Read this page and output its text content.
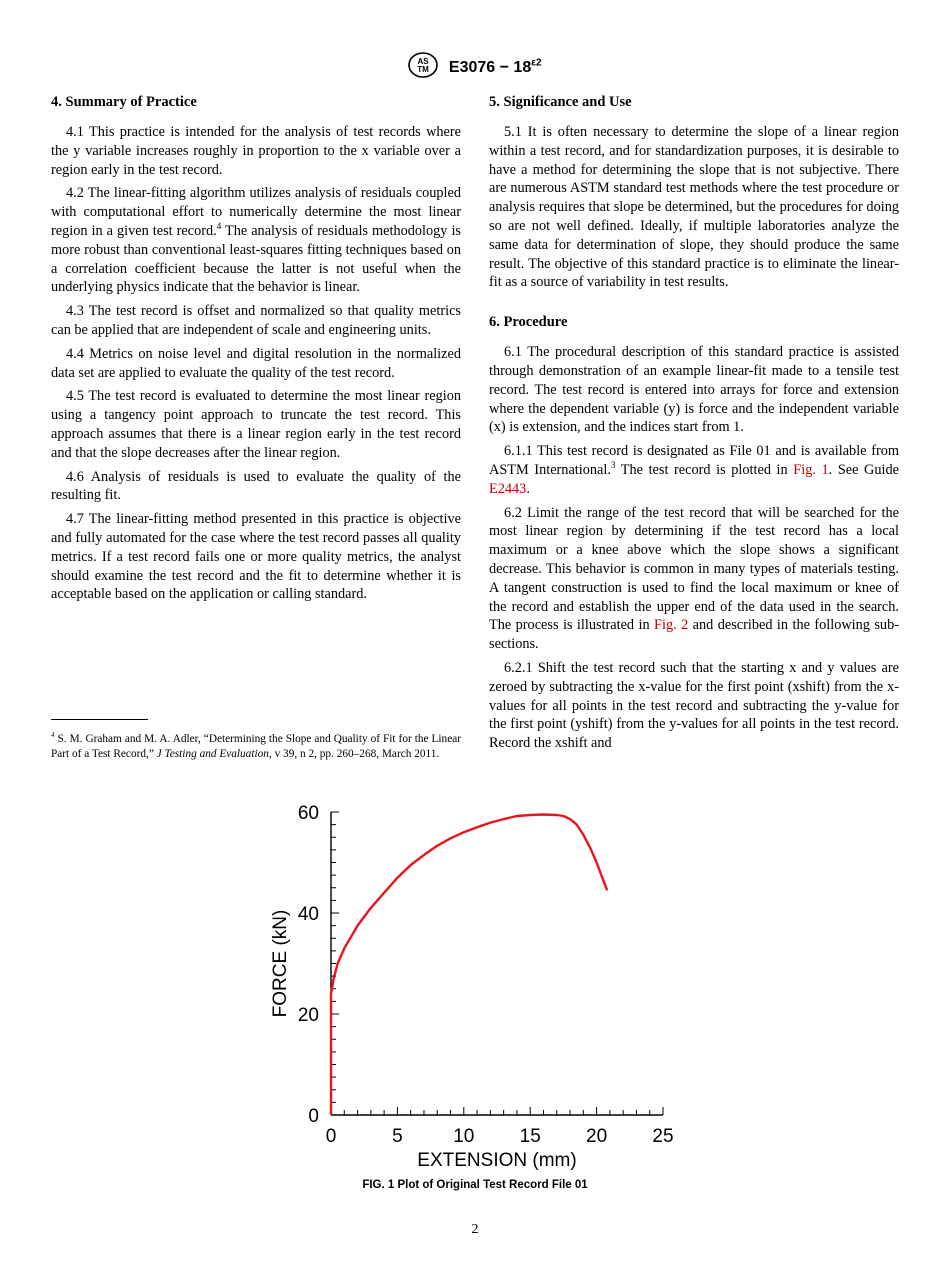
AS
TM $E3076 - 18^{\varepsilon 2}$
4. Summary of Practice

4.1 This practice is intended for the analysis of test records where the y variable increases roughly in proportion to the x variable over a region early in the test record.

4.2 The linear-fitting algorithm utilizes analysis of residuals coupled with computational effort to numerically determine the most linear region in a given test record.$^4$ The analysis of residuals methodology is more robust than conventional least-squares fitting techniques based on a correlation coefficient because the latter is not useful when the underlying physics indicate that the behavior is linear.

4.3 The test record is offset and normalized so that quality metrics can be applied that are independent of scale and engineering units.

4.4 Metrics on noise level and digital resolution in the normalized data set are applied to evaluate the quality of the test record.

4.5 The test record is evaluated to determine the most linear region using a tangency point approach to truncate the test record. This approach assumes that there is a linear region early in the test record and that the slope decreases after the linear region.

4.6 Analysis of residuals is used to evaluate the quality of the resulting fit.

4.7 The linear-fitting method presented in this practice is objective and fully automated for the case where the test record passes all quality metrics. If a test record fails one or more quality metrics, the analyst should examine the test record and the fit to determine whether it is acceptable based on the application or calling standard.

$^4$ S. M. Graham and M. A. Adler, “Determining the Slope and Quality of Fit for the Linear Part of a Test Record,” J Testing and Evaluation, v 39, n 2, pp. 260–268, March 2011.
5. Significance and Use

5.1 It is often necessary to determine the slope of a linear region within a test record, and for standardization purposes, it is desirable to have a method for determining the slope that is not subjective. There are numerous ASTM standard test methods where the test procedure or analysis requires that slope be determined, but the procedures for doing so are not well defined. Ideally, if multiple laboratories analyze the same data for determination of slope, they should produce the same result. The objective of this standard practice is to eliminate the linear-fit as a source of variability in test results.

6. Procedure

6.1 The procedural description of this standard practice is assisted through demonstration of an example linear-fit made to a tensile test record. The test record is entered into arrays for force and extension where the dependent variable (y) is force and the independent variable (x) is extension, and the indices start from 1.

6.1.1 This test record is designated as File 01 and is available from ASTM International.$^3$ The test record is plotted in Fig. 1. See Guide E2443.

6.2 Limit the range of the test record that will be searched for the most linear region by determining if the test record has a local maximum or a knee above which the slope shows a significant decrease. This behavior is common in many types of materials testing. A tangent construction is used to find the local maximum or knee of the record and establish the upper end of the data used in the search. The process is illustrated in Fig. 2 and described in the following sub-sections.

6.2.1 Shift the test record such that the starting x and y values are zeroed by subtracting the x-value for the first point (xshift) from the x-values for all points in the test record and subtracting the y-value for the first point (yshift) from the y-values for all points in the test record. Record the xshift and

0	5	10 15 20 25
0
20
40
60
EXTENSION (mm)
FORCE (kN)
FIG. 1 Plot of Original Test Record File 01
2
